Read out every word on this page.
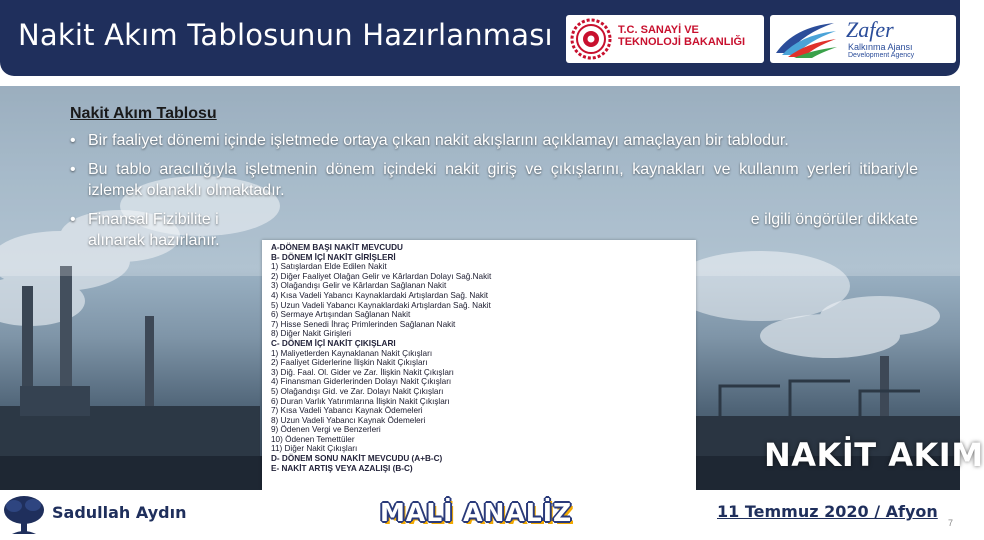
Nakit Akım Tablosunun Hazırlanması	T.C. SANAYİ VE
TEKNOLOJİ BAKANLIĞI	Zafer
Kalkınma Ajansı
Development Agency
Nakit Akım Tablosu
• Bir faaliyet dönemi içinde işletmede ortaya çıkan nakit akışlarını açıklamayı amaçlayan bir tablodur.
• Bu tablo aracılığıyla işletmenin dönem içindeki nakit giriş ve çıkışlarını, kaynakları ve kullanım yerleri itibariyle izlemek olanaklı olmaktadır.
• Finansal Fizibilite i	e ilgili öngörüler dikkate
alınarak hazırlanır.	A-DÖNEM BAŞI NAKİT MEVCUDU
B- DÖNEM İÇİ NAKİT GİRİŞLERİ
1) Satışlardan Elde Edilen Nakit
2) Diğer Faaliyet Olağan Gelir ve Kârlardan Dolayı Sağ.Nakit
3) Olağandışı Gelir ve Kârlardan Sağlanan Nakit
4) Kısa Vadeli Yabancı Kaynaklardaki Artışlardan Sağ. Nakit
5) Uzun Vadeli Yabancı Kaynaklardaki Artışlardan Sağ. Nakit
6) Sermaye Artışından Sağlanan Nakit
7) Hisse Senedi İhraç Primlerinden Sağlanan Nakit
8) Diğer Nakit Girişleri
C- DÖNEM İÇİ NAKİT ÇIKIŞLARI
1) Maliyetlerden Kaynaklanan Nakit Çıkışları
2) Faaliyet Giderlerine İlişkin Nakit Çıkışları
3) Diğ. Faal. Ol. Gider ve Zar. İlişkin Nakit Çıkışları
4) Finansman Giderlerinden Dolayı Nakit Çıkışları
5) Olağandışı Gid. ve Zar. Dolayı Nakit Çıkışları
6) Duran Varlık Yatırımlarına İlişkin Nakit Çıkışları
7) Kısa Vadeli Yabancı Kaynak Ödemeleri
8) Uzun Vadeli Yabancı Kaynak Ödemeleri
9) Ödenen Vergi ve Benzerleri
10) Ödenen Temettüler
11) Diğer Nakit Çıkışları
D- DÖNEM SONU NAKİT MEVCUDU (A+B-C)
E- NAKİT ARTIŞ VEYA AZALIŞI (B-C)	NAKİT AKIM
Sadullah Aydın	MALİ ANALİZ	11 Temmuz 2020 / Afyon
7
